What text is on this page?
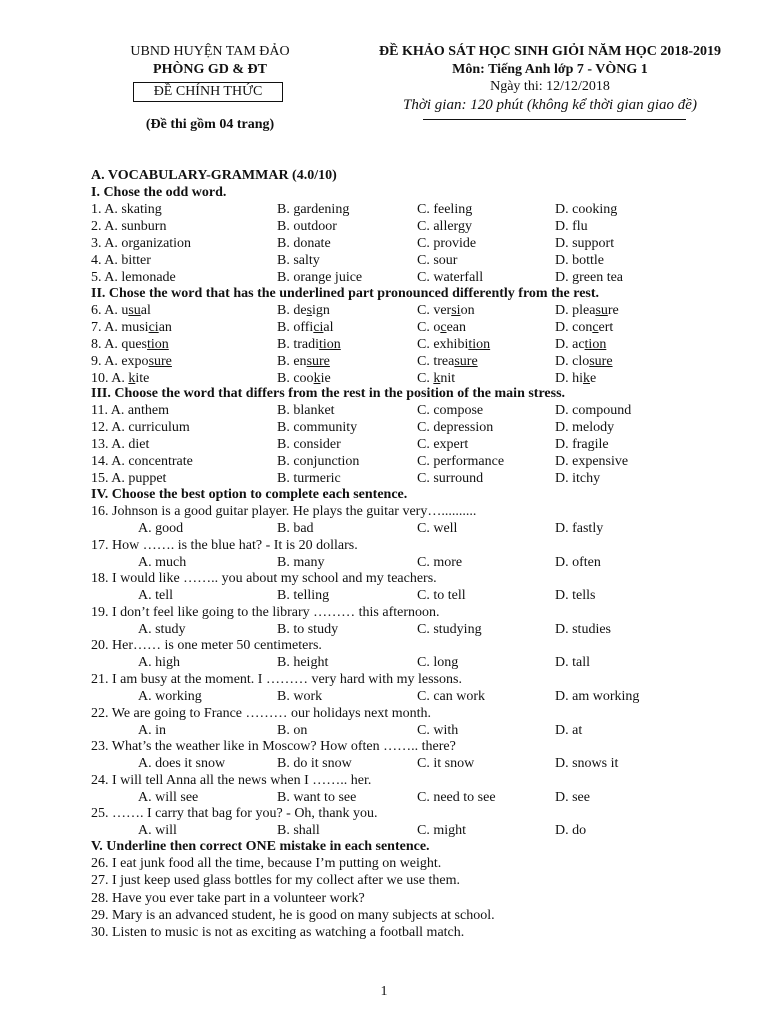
UBND HUYỆN TAM ĐẢO
PHÒNG GD & ĐT
ĐỀ CHÍNH THỨC
(Đề thi gồm 04 trang)
ĐỀ KHẢO SÁT HỌC SINH GIỎI NĂM HỌC 2018-2019
Môn: Tiếng Anh lớp 7 - VÒNG 1
Ngày thi: 12/12/2018
Thời gian: 120 phút (không kể thời gian giao đề)
A. VOCABULARY-GRAMMAR (4.0/10)
I. Chose the odd word.
1. A. skating	B. gardening	C. feeling	D. cooking
2. A. sunburn	B. outdoor	C. allergy	D. flu
3. A. organization	B. donate	C. provide	D. support
4. A. bitter	B. salty	C. sour	D. bottle
5. A. lemonade	B. orange juice	C. waterfall	D. green tea
II. Chose the word that has the underlined part pronounced differently from the rest.
6. A. usual	B. design	C. version	D. pleasure
7. A. musician	B. official	C. ocean	D. concert
8. A. question	B. tradition	C. exhibition	D. action
9. A. exposure	B. ensure	C. treasure	D. closure
10. A. kite	B. cookie	C. knit	D. hike
III. Choose the word that differs from the rest in the position of the main stress.
11. A. anthem	B. blanket	C. compose	D. compound
12. A. curriculum	B. community	C. depression	D. melody
13. A. diet	B. consider	C. expert	D. fragile
14. A. concentrate	B. conjunction	C. performance	D. expensive
15. A. puppet	B. turmeric	C. surround	D. itchy
IV. Choose the best option to complete each sentence.
16. Johnson is a good guitar player. He plays the guitar very…..........
A. good	B. bad	C. well	D. fastly
17. How ……. is the blue hat? - It is 20 dollars.
A. much	B. many	C. more	D. often
18. I would like …….. you about my school and my teachers.
A. tell	B. telling	C. to tell	D. tells
19. I don’t feel like going to the library ……… this afternoon.
A. study	B. to study	C. studying	D. studies
20. Her…… is one meter 50 centimeters.
A. high	B. height	C. long	D. tall
21. I am busy at the moment. I ……… very hard with my lessons.
A. working	B. work	C. can work	D. am working
22. We are going to France ……… our holidays next month.
A. in	B. on	C. with	D. at
23. What’s the weather like in Moscow? How often …….. there?
A. does it snow	B. do it snow	C. it snow	D. snows it
24. I will tell Anna all the news when I …….. her.
A. will see	B. want to see	C. need to see	D. see
25. ……. I carry that bag for you? - Oh, thank you.
A. will	B. shall	C. might	D. do
V. Underline then correct ONE mistake in each sentence.
26. I eat junk food all the time, because I’m putting on weight.
27. I just keep used glass bottles for my collect after we use them.
28. Have you ever take part in a volunteer work?
29. Mary is an advanced student, he is good on many subjects at school.
30. Listen to music is not as exciting as watching a football match.
1
